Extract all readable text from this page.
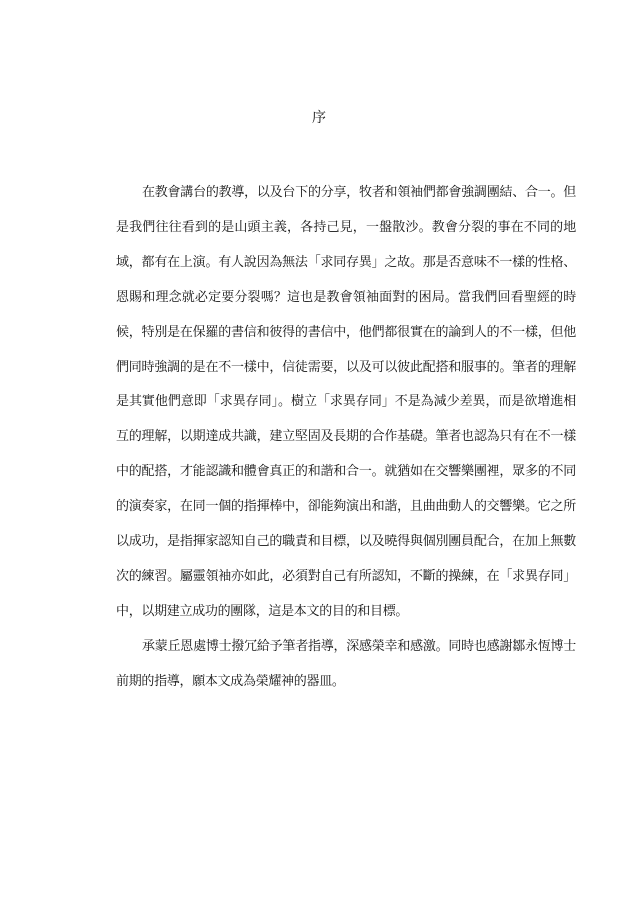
序

在教會講台的教導，以及台下的分享，牧者和領袖們都會強調團結、合一。但是我們往往看到的是山頭主義，各持己見，一盤散沙。教會分裂的事在不同的地域，都有在上演。有人說因為無法「求同存異」之故。那是否意味不一樣的性格、恩賜和理念就必定要分裂嗎？這也是教會領袖面對的困局。當我們回看聖經的時候，特別是在保羅的書信和彼得的書信中，他們都很實在的論到人的不一樣，但他們同時強調的是在不一樣中，信徒需要，以及可以彼此配搭和服事的。筆者的理解是其實他們意即「求異存同」。樹立「求異存同」不是為減少差異，而是欲增進相互的理解，以期達成共識，建立堅固及長期的合作基礎。筆者也認為只有在不一樣中的配搭，才能認識和體會真正的和諧和合一。就猶如在交響樂團裡，眾多的不同的演奏家，在同一個的指揮棒中，卻能夠演出和諧，且曲曲動人的交響樂。它之所以成功，是指揮家認知自己的職責和目標，以及曉得與個別團員配合，在加上無數次的練習。屬靈領袖亦如此，必須對自己有所認知，不斷的操練，在「求異存同」中，以期建立成功的團隊，這是本文的目的和目標。

承蒙丘恩處博士撥冗給予筆者指導，深感榮幸和感激。同時也感謝鄒永恆博士前期的指導，願本文成為榮耀神的器皿。
